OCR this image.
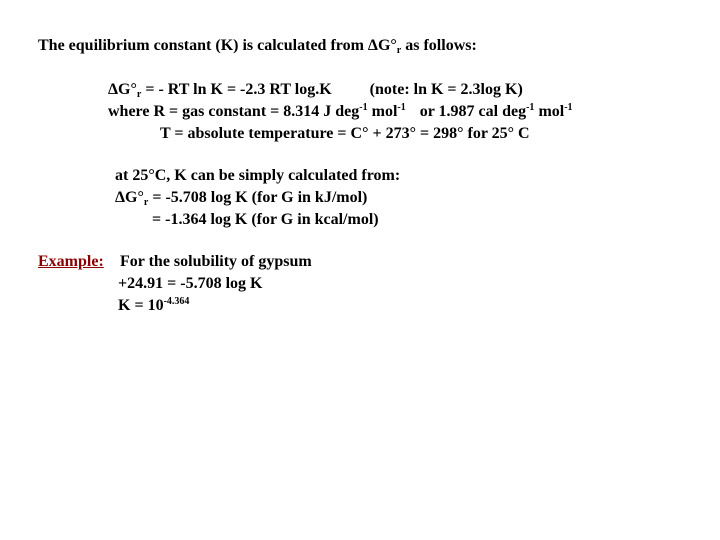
The equilibrium constant (K) is calculated from $\Delta G^\circ_r$ as follows:
$\Delta G^\circ_r$ = - RT ln K = -2.3 RT log.K (note: ln K = 2.3log K)
where R = gas constant = 8.314 J deg$^{-1}$ mol$^{-1}$ or 1.987 cal deg$^{-1}$ mol$^{-1}$
T = absolute temperature = C° + 273° = 298° for 25° C
at 25°C, K can be simply calculated from:
$\Delta G^\circ_r = -5.708$ log K (for G in kJ/mol)
= -1.364 log K (for G in kcal/mol)
Example: For the solubility of gypsum
+24.91 = -5.708 log K
$K = 10^{-4.364}$
